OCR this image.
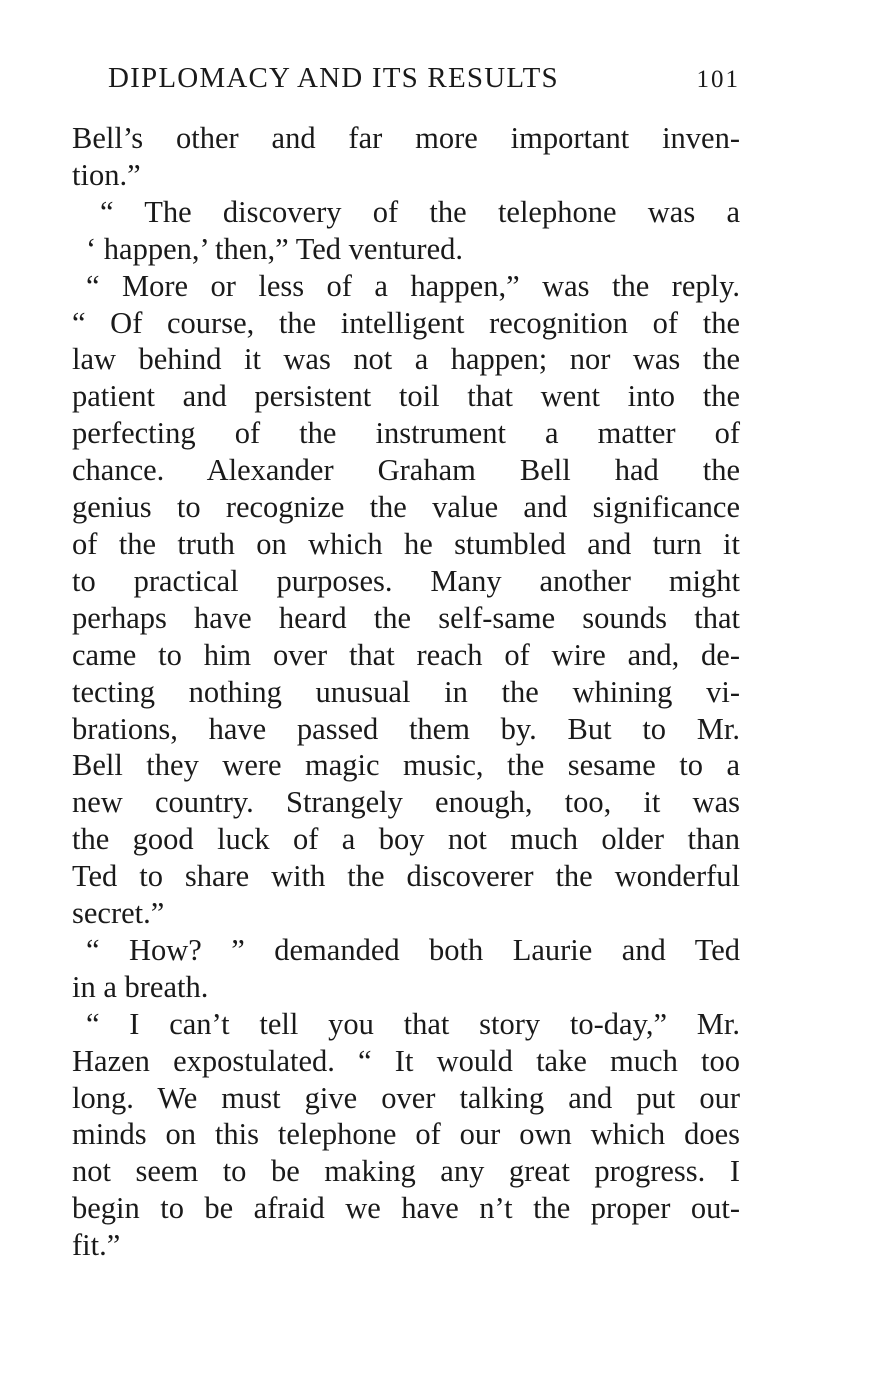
DIPLOMACY AND ITS RESULTS	101

Bell’s other and far more important inven-
tion.”

“ The discovery of the telephone was a
‘ happen,’ then,” Ted ventured.

“ More or less of a happen,” was the reply.
“ Of course, the intelligent recognition of the
law behind it was not a happen; nor was the
patient and persistent toil that went into the
perfecting of the instrument a matter of
chance. Alexander Graham Bell had the
genius to recognize the value and significance
of the truth on which he stumbled and turn it
to practical purposes. Many another might
perhaps have heard the self-same sounds that
came to him over that reach of wire and, de-
tecting nothing unusual in the whining vi-
brations, have passed them by. But to Mr.
Bell they were magic music, the sesame to a
new country. Strangely enough, too, it was
the good luck of a boy not much older than
Ted to share with the discoverer the wonderful
secret.”

“ How? ” demanded both Laurie and Ted
in a breath.

“ I can’t tell you that story to-day,” Mr.
Hazen expostulated. “ It would take much too
long. We must give over talking and put our
minds on this telephone of our own which does
not seem to be making any great progress. I
begin to be afraid we have n’t the proper out-
fit.”
